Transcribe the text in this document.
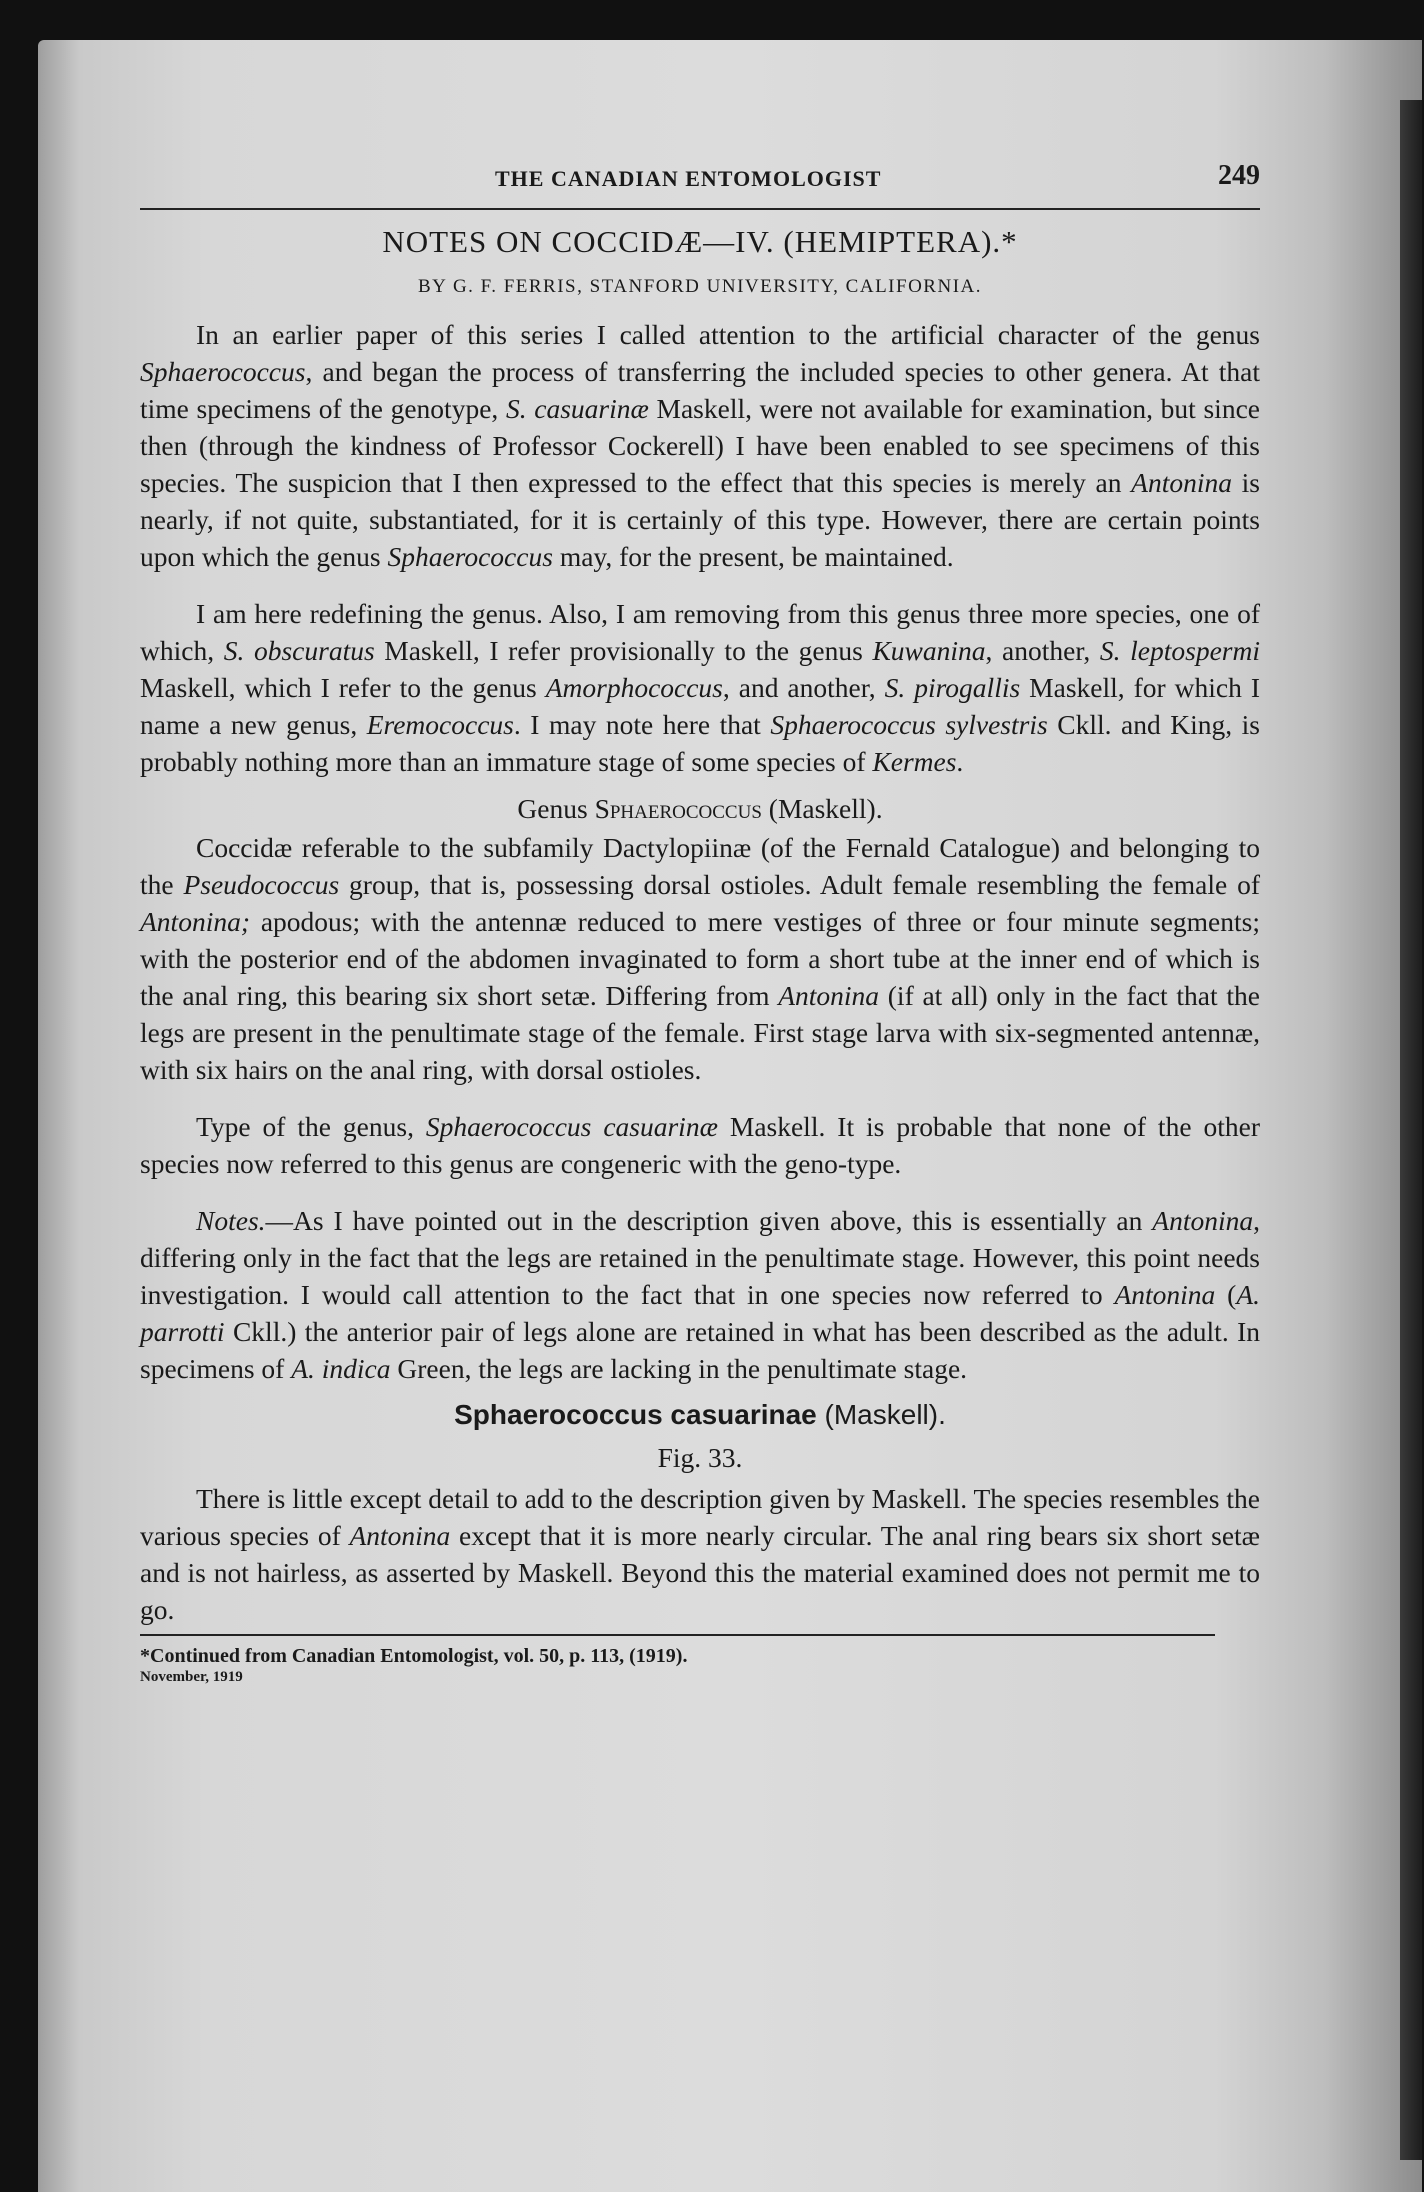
THE CANADIAN ENTOMOLOGIST	249
NOTES ON COCCIDÆ—IV. (HEMIPTERA).*
BY G. F. FERRIS, STANFORD UNIVERSITY, CALIFORNIA.

In an earlier paper of this series I called attention to the artificial character of the genus Sphaerococcus, and began the process of transferring the included species to other genera. At that time specimens of the genotype, S. casuarinæ Maskell, were not available for examination, but since then (through the kindness of Professor Cockerell) I have been enabled to see specimens of this species. The suspicion that I then expressed to the effect that this species is merely an Antonina is nearly, if not quite, substantiated, for it is certainly of this type. However, there are certain points upon which the genus Sphaerococcus may, for the present, be maintained.

I am here redefining the genus. Also, I am removing from this genus three more species, one of which, S. obscuratus Maskell, I refer provisionally to the genus Kuwanina, another, S. leptospermi Maskell, which I refer to the genus Amorphococcus, and another, S. pirogallis Maskell, for which I name a new genus, Eremococcus. I may note here that Sphaerococcus sylvestris Ckll. and King, is probably nothing more than an immature stage of some species of Kermes.

Genus Sphaerococcus (Maskell).

Coccidæ referable to the subfamily Dactylopiinæ (of the Fernald Catalogue) and belonging to the Pseudococcus group, that is, possessing dorsal ostioles. Adult female resembling the female of Antonina; apodous; with the antennæ reduced to mere vestiges of three or four minute segments; with the posterior end of the abdomen invaginated to form a short tube at the inner end of which is the anal ring, this bearing six short setæ. Differing from Antonina (if at all) only in the fact that the legs are present in the penultimate stage of the female. First stage larva with six-segmented antennæ, with six hairs on the anal ring, with dorsal ostioles.

Type of the genus, Sphaerococcus casuarinæ Maskell. It is probable that none of the other species now referred to this genus are congeneric with the geno-type.

Notes.—As I have pointed out in the description given above, this is essentially an Antonina, differing only in the fact that the legs are retained in the penultimate stage. However, this point needs investigation. I would call attention to the fact that in one species now referred to Antonina (A. parrotti Ckll.) the anterior pair of legs alone are retained in what has been described as the adult. In specimens of A. indica Green, the legs are lacking in the penultimate stage.

Sphaerococcus casuarinae (Maskell).
Fig. 33.

There is little except detail to add to the description given by Maskell. The species resembles the various species of Antonina except that it is more nearly circular. The anal ring bears six short setæ and is not hairless, as asserted by Maskell. Beyond this the material examined does not permit me to go.

*Continued from Canadian Entomologist, vol. 50, p. 113, (1919).
November, 1919
